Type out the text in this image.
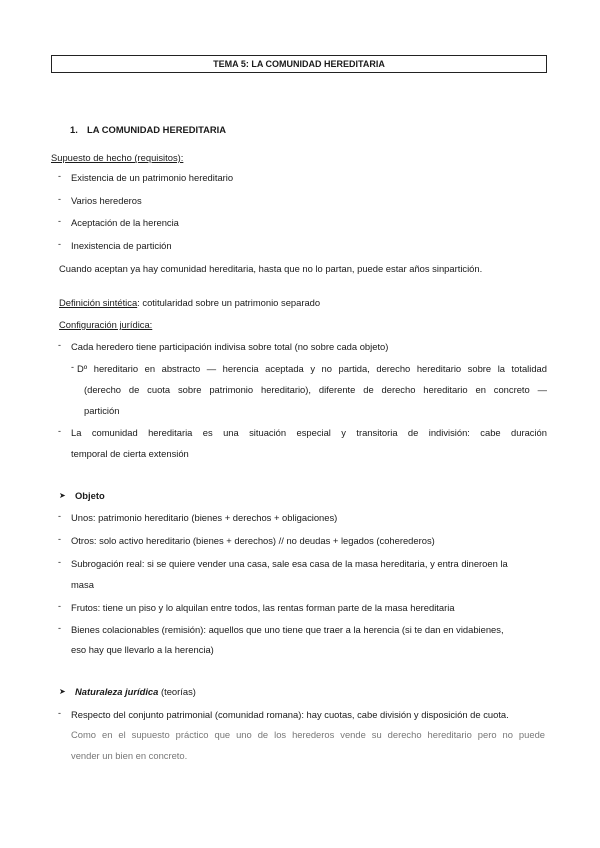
TEMA 5: LA COMUNIDAD HEREDITARIA
1. LA COMUNIDAD HEREDITARIA
Supuesto de hecho (requisitos):
- Existencia de un patrimonio hereditario
- Varios herederos
- Aceptación de la herencia
- Inexistencia de partición
Cuando aceptan ya hay comunidad hereditaria, hasta que no lo partan, puede estar años sinpartición.
Definición sintética: cotitularidad sobre un patrimonio separado
Configuración jurídica:
- Cada heredero tiene participación indivisa sobre total (no sobre cada objeto)
- Dº hereditario en abstracto — herencia aceptada y no partida, derecho hereditario sobre la totalidad
(derecho de cuota sobre patrimonio hereditario), diferente de derecho hereditario en concreto —
partición
- La comunidad hereditaria es una situación especial y transitoria de indivisión: cabe duración
temporal de cierta extensión
➤ Objeto
- Unos: patrimonio hereditario (bienes + derechos + obligaciones)
- Otros: solo activo hereditario (bienes + derechos) // no deudas + legados (coherederos)
- Subrogación real: si se quiere vender una casa, sale esa casa de la masa hereditaria, y entra dineroen la
masa
- Frutos: tiene un piso y lo alquilan entre todos, las rentas forman parte de la masa hereditaria
- Bienes colacionables (remisión): aquellos que uno tiene que traer a la herencia (si te dan en vidabienes,
eso hay que llevarlo a la herencia)
➤ Naturaleza jurídica (teorías)
- Respecto del conjunto patrimonial (comunidad romana): hay cuotas, cabe división y disposición de cuota.
Como en el supuesto práctico que uno de los herederos vende su derecho hereditario pero no puede
vender un bien en concreto.
